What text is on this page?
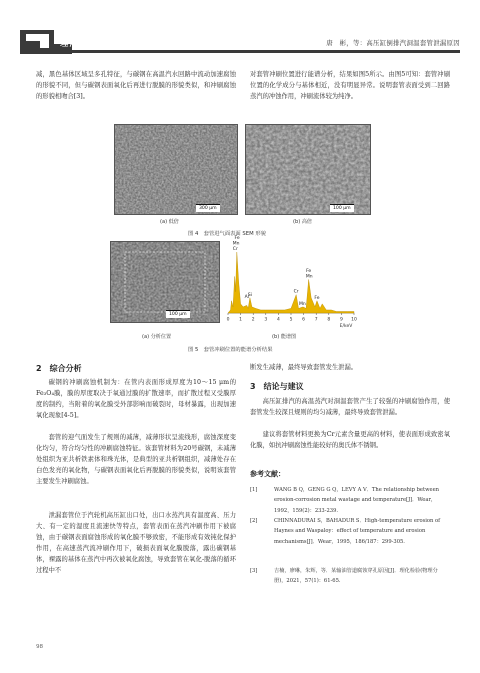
理化检验－物理分册	唐　彬，等：高压缸倒排汽洞温套管泄漏原因

减，黑色基体区域呈多孔特征，与碳钢在高温汽水回路中流动加速腐蚀的形貌不同，但与碳钢表面氧化后再进行脱膜的形貌类似，和冲刷腐蚀的形貌相吻合[3]。

对套管冲刷位置进行能谱分析，结果如图5所示。由图5可知：套管冲刷位置的化学成分与基体相近，没有明显异常。说明套管表面受到二回路蒸汽的冲蚀作用，冲刷流体较为纯净。

300 μm	100 μm
(a) 低倍	(b) 高倍
图 4　套管进气面表面 SEM 形貌
100 μm
0 1 2 3 4 5 6 7 8 9 10
E/keV
Cr
Mn
Fe
Si
Al
Mn
Fe
Cr
Mn
Fe
(a) 分析位置	(b) 能谱图
图 5　套管冲刷位置的能谱分析结果
2　综合分析

碳钢的冲刷腐蚀机制为：在管内表面形成厚度为10～15 μm的Fe₃O₄膜，膜的厚度取决于氧通过膜的扩散速率，而扩散过程又受膜厚度的制约，当附着的氧化膜受外部影响而破裂时，母材暴露，出现加速氧化现象[4-5]。

套管的迎气面发生了规则的减薄，减薄形状呈流线形，腐蚀深度变化均匀，符合均匀性的冲刷腐蚀特征。该套管材料为20号碳钢，未减薄处组织为亚共析铁素体和珠光体，是典型的亚共析钢组织，减薄处存在白色发亮的氧化物，与碳钢表面氧化后再脱膜的形貌类似，说明该套管主要发生冲刷腐蚀。

泄漏套管位于汽轮机高压缸出口处，出口水蒸汽具有温度高、压力大、有一定的湿度且流速快等特点，套管表面在蒸汽冲刷作用下被腐蚀，由于碳钢表面腐蚀形成的氧化膜不够致密，不能形成有效钝化保护作用，在高速蒸汽流冲刷作用下，破损表面氧化膜脱落，露出碳钢基体，裸露的基体在蒸汽中再次被氧化腐蚀，导致套管在氧化-脱落的循环过程中不

断发生减薄，最终导致套管发生泄漏。

3　结论与建议

高压缸排汽的高温蒸汽对洞温套管产生了较强的冲刷腐蚀作用，使套管发生较深且规则的均匀减薄，最终导致套管泄漏。

建议将套管材料更换为Cr元素含量更高的材料，使表面形成致密氧化膜，如抗冲刷腐蚀性能较好的奥氏体不锈钢。

参考文献：
[1]	WANG B Q，GENG G Q，LEVY A V．The relationship between erosion-corrosion metal wastage and temperature[J]．Wear，1992，159(2)：233-239.
[2]	CHINNADURAI S，BAHADUR S．High-temperature erosion of Haynes and Waspaloy：effect of temperature and erosion mechanisms[J]．Wear，1995，186/187：299-305.
[3]	吉楠，廖琳，朱辉，等．某输油管道腐蚀穿孔原因[J]．理化检验(物理分册)，2021，57(1)：61-65.
98
